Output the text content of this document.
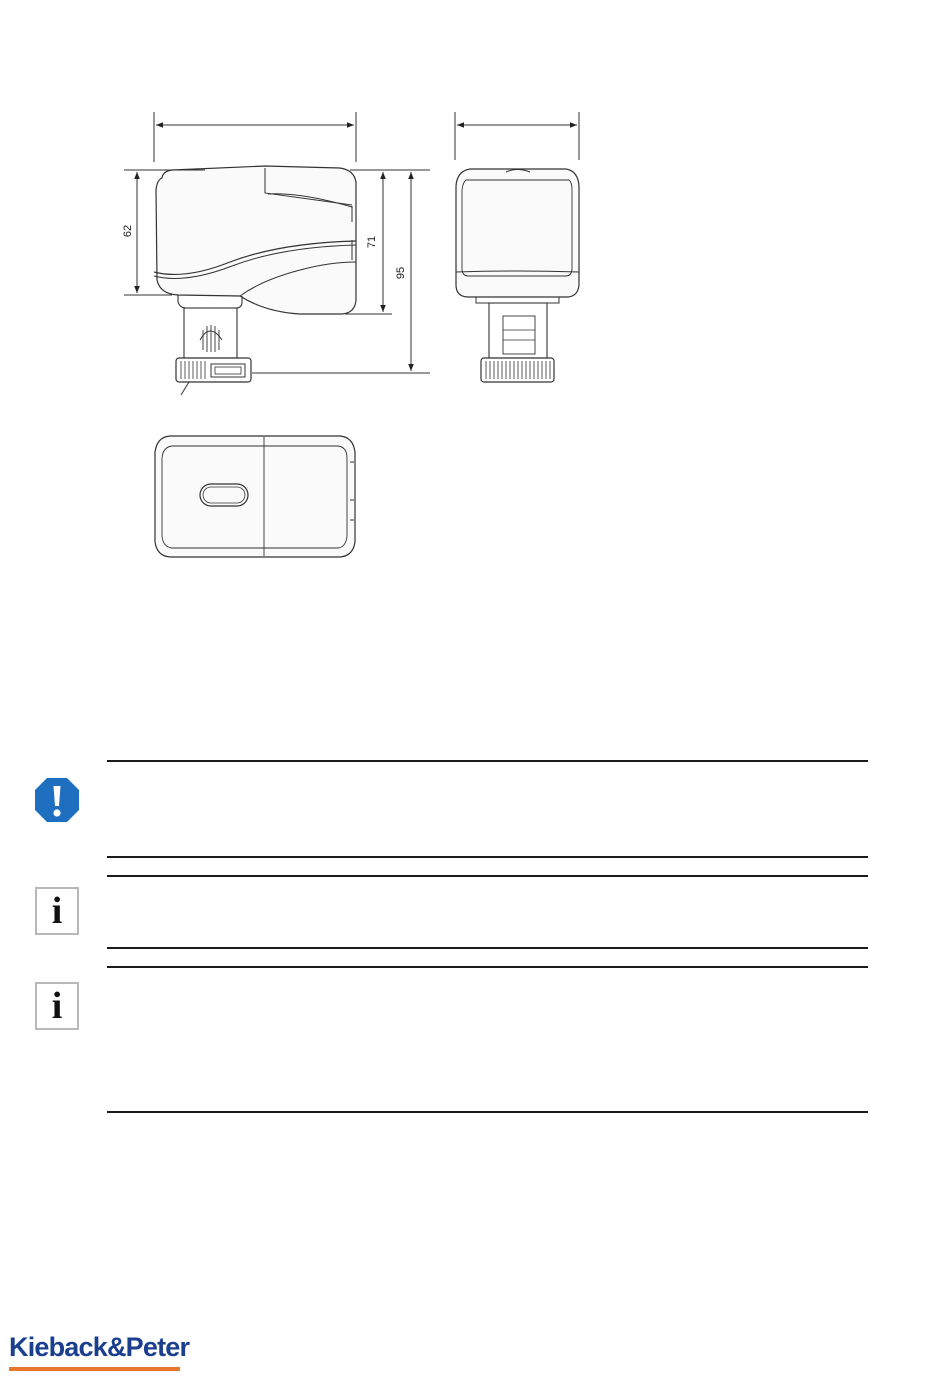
62
71
95
i
i
Kieback&Peter
